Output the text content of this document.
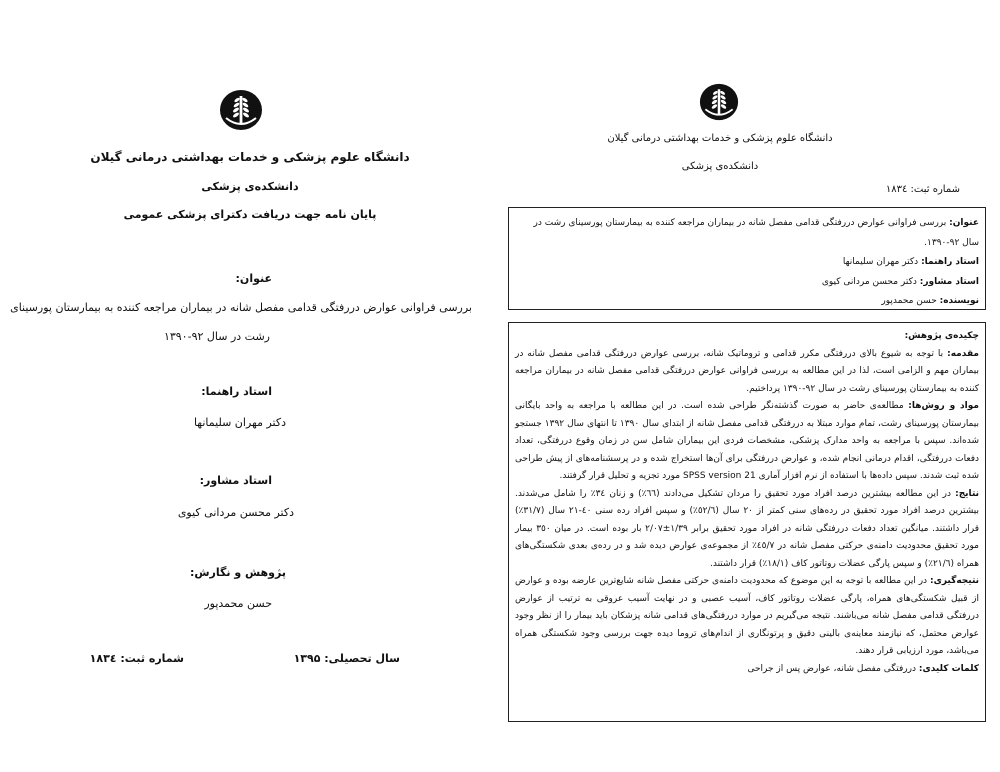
دانشگاه علوم پزشکی و خدمات بهداشتی درمانی گیلان
دانشکده‌ی پزشکی
پایان نامه جهت دریافت دکترای پزشکی عمومی
عنوان:
بررسی فراوانی عوارض دررفتگی قدامی مفصل شانه در بیماران مراجعه کننده به بیمارستان پورسینای
رشت در سال ۹۲-۱۳۹۰
استاد راهنما:
دکتر مهران سلیمانها
استاد مشاور:
دکتر محسن مردانی کیوی
پژوهش و نگارش:
حسن محمدپور
سال تحصیلی: ۱۳۹۵
شماره ثبت: ۱۸۳٤
دانشگاه علوم پزشکی و خدمات بهداشتی درمانی گیلان
دانشکده‌ی پزشکی
شماره ثبت: ۱۸۳٤
عنوان: بررسی فراوانی عوارض دررفتگی قدامی مفصل شانه در بیماران مراجعه کننده به بیمارستان پورسینای رشت در
سال ۹۲-۱۳۹۰.
استاد راهنما: دکتر مهران سلیمانها
استاد مشاور: دکتر محسن مردانی کیوی
نویسنده: حسن محمدپور
چکیده‌ی پژوهش:
مقدمه: با توجه به شیوع بالای دررفتگی مکرر قدامی و تروماتیک شانه، بررسی عوارض دررفتگی قدامی مفصل شانه در بیماران مهم و الزامی است، لذا در این مطالعه به بررسی فراوانی عوارض دررفتگی قدامی مفصل شانه در بیماران مراجعه کننده به بیمارستان پورسینای رشت در سال ۹۲-۱۳۹۰ پرداختیم.
مواد و روش‌ها: مطالعه‌ی حاضر به صورت گذشته‌نگر طراحی شده است. در این مطالعه با مراجعه به واحد بایگانی بیمارستان پورسینای رشت، تمام موارد مبتلا به دررفتگی قدامی مفصل شانه از ابتدای سال ۱۳۹۰ تا انتهای سال ۱۳۹۲ جستجو شده‌اند. سپس با مراجعه به واحد مدارک پزشکی، مشخصات فردی این بیماران شامل سن در زمان وقوع دررفتگی، تعداد دفعات دررفتگی، اقدام درمانی انجام شده، و عوارض دررفتگی برای آن‌ها استخراج شده و در پرسشنامه‌های از پیش طراحی شده ثبت شدند. سپس داده‌ها با استفاده از نرم افزار آماری SPSS version 21 مورد تجزیه و تحلیل قرار گرفتند.
نتایج: در این مطالعه بیشترین درصد افراد مورد تحقیق را مردان تشکیل می‌دادند (٦٦٪) و زنان ۳٤٪ را شامل می‌شدند. بیشترین درصد افراد مورد تحقیق در رده‌های سنی کمتر از ۲۰ سال (٥٢/٦٪) و سپس افراد رده سنی ٤٠-۲۱ سال (۳۱/۷٪) قرار داشتند. میانگین تعداد دفعات دررفتگی شانه در افراد مورد تحقیق برابر ۱/۳۹±۲/۰۷ بار بوده است. در میان ۳٥۰ بیمار مورد تحقیق محدودیت دامنه‌ی حرکتی مفصل شانه در ٤٥/۷٪ از مجموعه‌ی عوارض دیده شد و در رده‌ی بعدی شکستگی‌های همراه (۲۱/٦٪) و سپس پارگی عضلات روتاتور کاف (۱۸/۱٪) قرار داشتند.
نتیجه‌گیری: در این مطالعه با توجه به این موضوع که محدودیت دامنه‌ی حرکتی مفصل شانه شایع‌ترین عارضه بوده و عوارض از قبیل شکستگی‌های همراه، پارگی عضلات روتاتور کاف، آسیب عصبی و در نهایت آسیب عروقی به ترتیب از عوارض دررفتگی قدامی مفصل شانه می‌باشند. نتیجه می‌گیریم در موارد دررفتگی‌های قدامی شانه پزشکان باید بیمار را از نظر وجود عوارض محتمل، که نیازمند معاینه‌ی بالینی دقیق و پرتونگاری از اندام‌های تروما دیده جهت بررسی وجود شکستگی همراه می‌باشد، مورد ارزیابی قرار دهند.
کلمات کلیدی: دررفتگی مفصل شانه، عوارض پس از جراحی
